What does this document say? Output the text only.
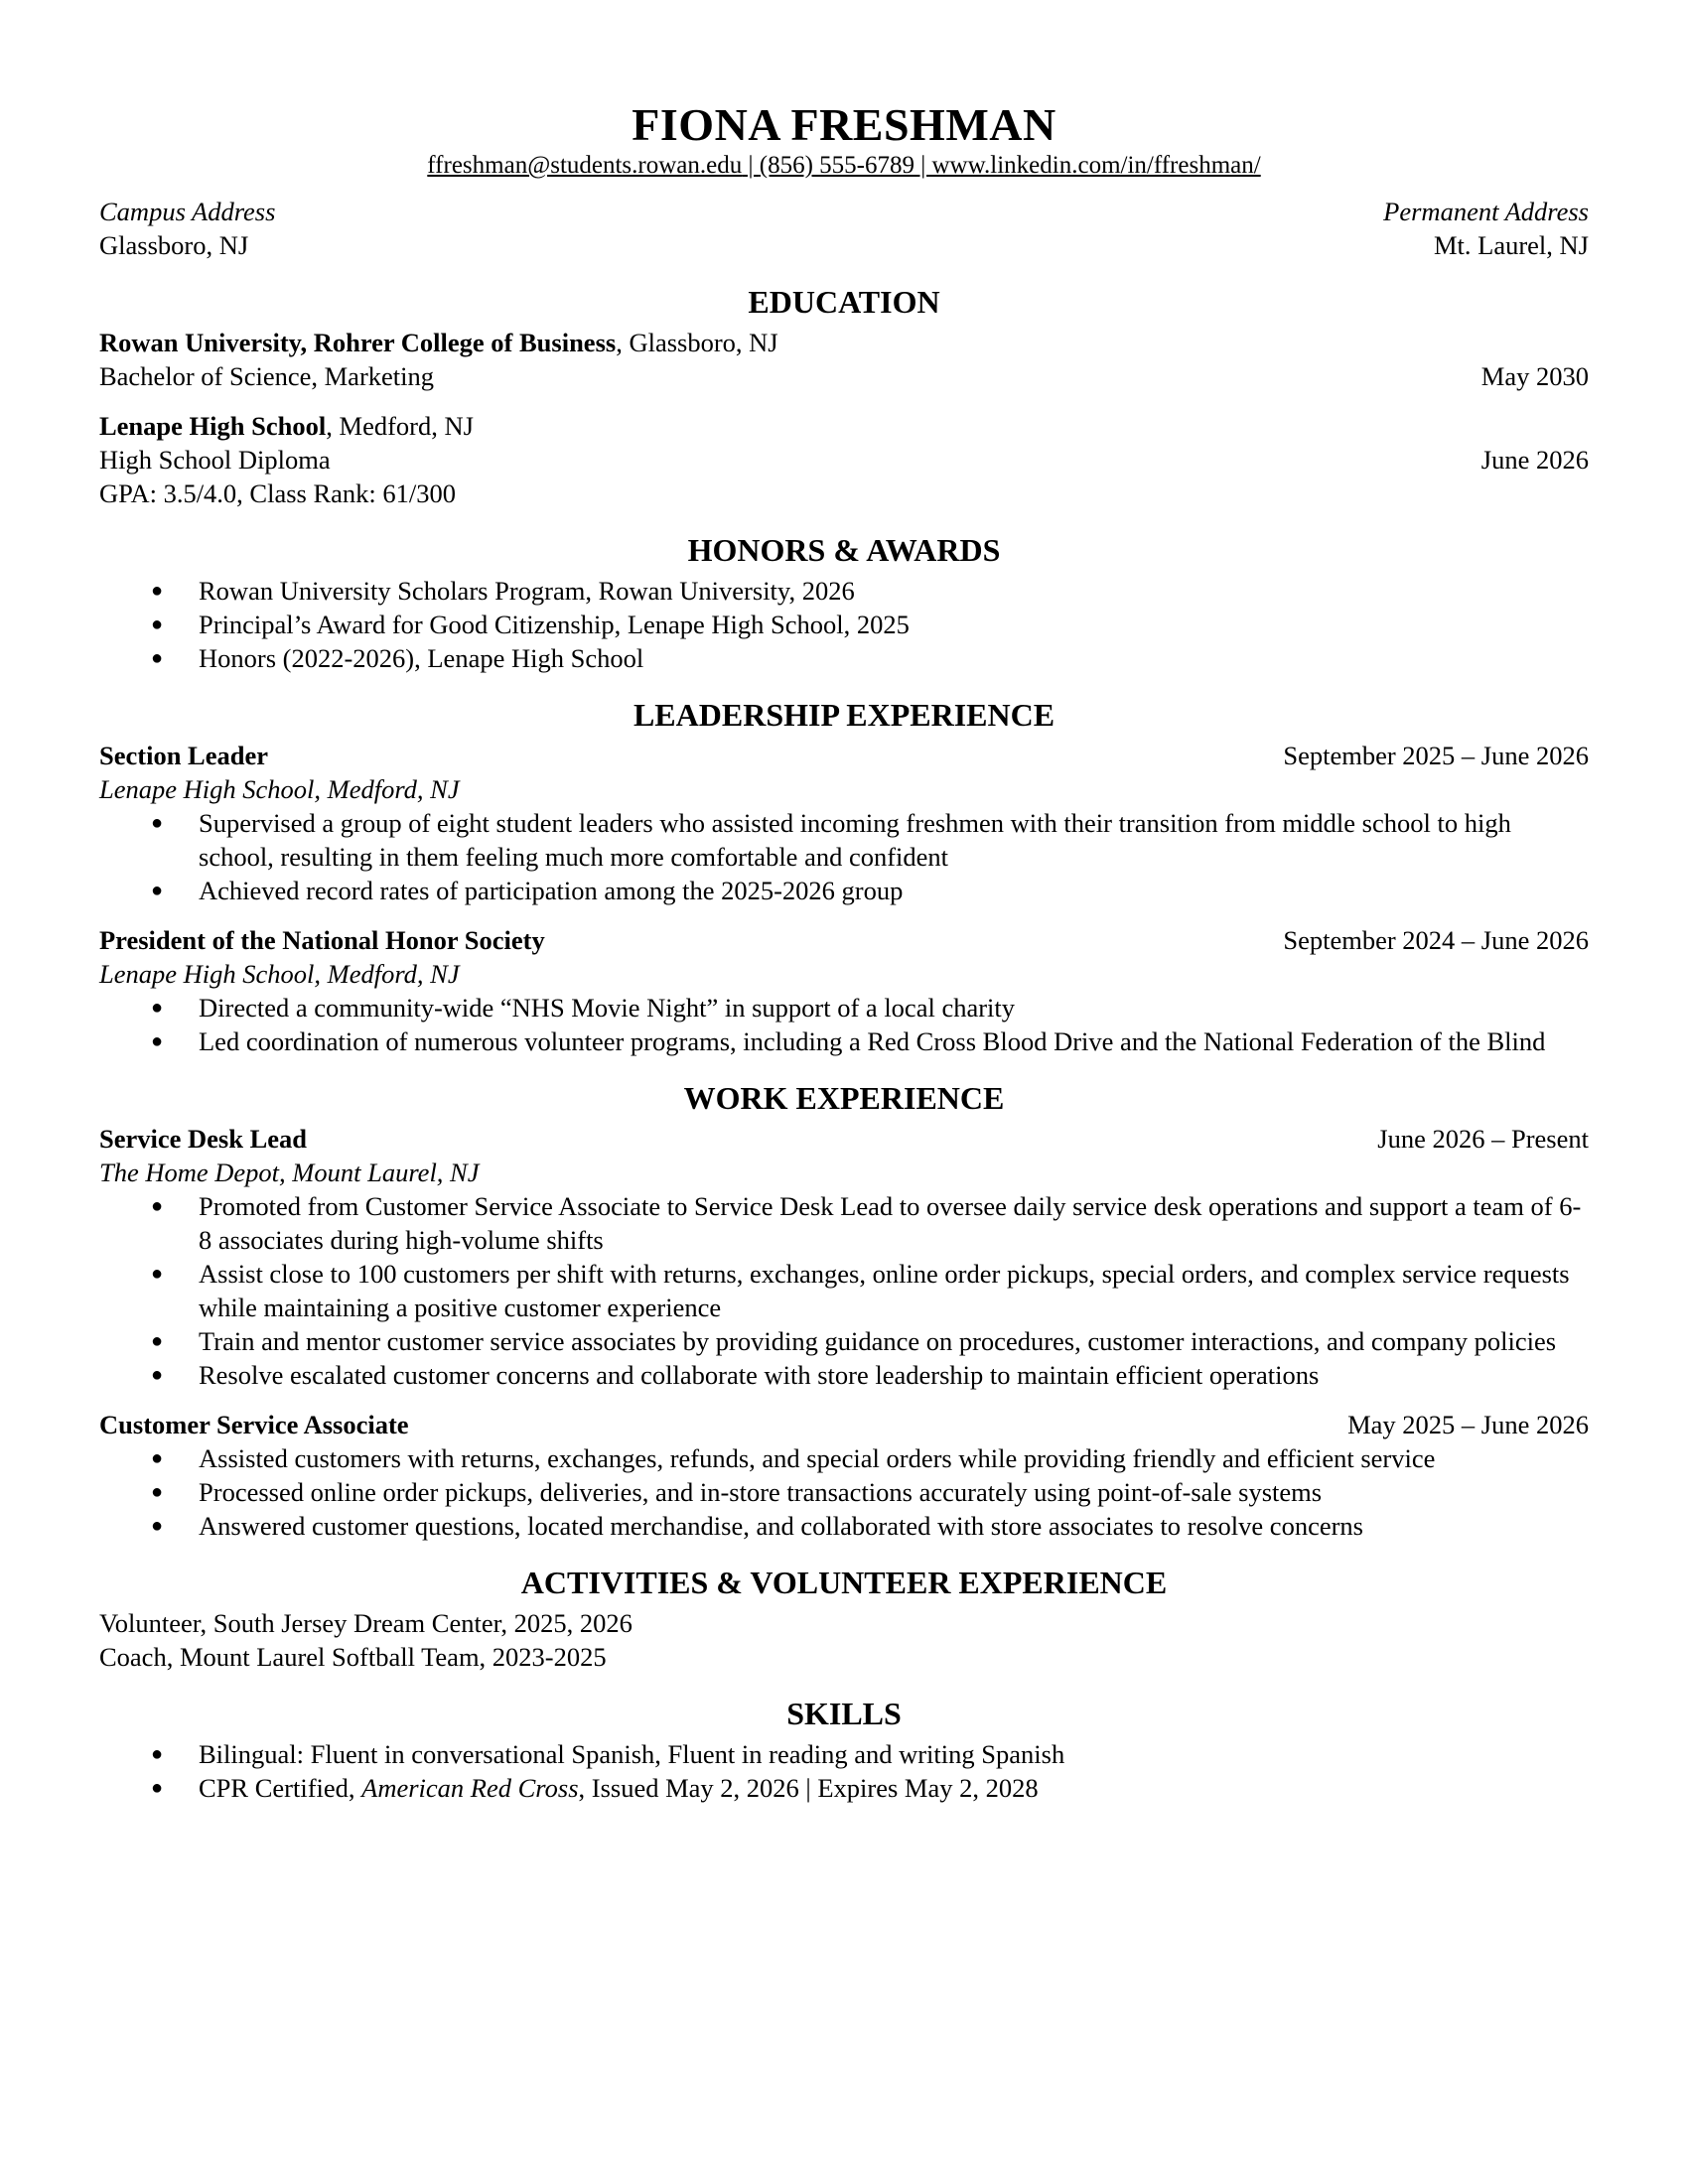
FIONA FRESHMAN
ffreshman@students.rowan.edu | (856) 555-6789 | www.linkedin.com/in/ffreshman/
Campus Address	Permanent Address
Glassboro, NJ	Mt. Laurel, NJ
EDUCATION
Rowan University, Rohrer College of Business, Glassboro, NJ
Bachelor of Science, Marketing	May 2030
Lenape High School, Medford, NJ
High School Diploma	June 2026
GPA: 3.5/4.0, Class Rank: 61/300
HONORS & AWARDS
● Rowan University Scholars Program, Rowan University, 2026
● Principal’s Award for Good Citizenship, Lenape High School, 2025
● Honors (2022-2026), Lenape High School
LEADERSHIP EXPERIENCE
Section Leader	September 2025 – June 2026
Lenape High School, Medford, NJ
● Supervised a group of eight student leaders who assisted incoming freshmen with their transition from middle school to high school, resulting in them feeling much more comfortable and confident
● Achieved record rates of participation among the 2025-2026 group
President of the National Honor Society	September 2024 – June 2026
Lenape High School, Medford, NJ
● Directed a community-wide “NHS Movie Night” in support of a local charity
● Led coordination of numerous volunteer programs, including a Red Cross Blood Drive and the National Federation of the Blind
WORK EXPERIENCE
Service Desk Lead	June 2026 – Present
The Home Depot, Mount Laurel, NJ
● Promoted from Customer Service Associate to Service Desk Lead to oversee daily service desk operations and support a team of 6-8 associates during high-volume shifts
● Assist close to 100 customers per shift with returns, exchanges, online order pickups, special orders, and complex service requests while maintaining a positive customer experience
● Train and mentor customer service associates by providing guidance on procedures, customer interactions, and company policies
● Resolve escalated customer concerns and collaborate with store leadership to maintain efficient operations
Customer Service Associate	May 2025 – June 2026
● Assisted customers with returns, exchanges, refunds, and special orders while providing friendly and efficient service
● Processed online order pickups, deliveries, and in-store transactions accurately using point-of-sale systems
● Answered customer questions, located merchandise, and collaborated with store associates to resolve concerns
ACTIVITIES & VOLUNTEER EXPERIENCE
Volunteer, South Jersey Dream Center, 2025, 2026
Coach, Mount Laurel Softball Team, 2023-2025
SKILLS
● Bilingual: Fluent in conversational Spanish, Fluent in reading and writing Spanish
● CPR Certified, American Red Cross, Issued May 2, 2026 | Expires May 2, 2028
